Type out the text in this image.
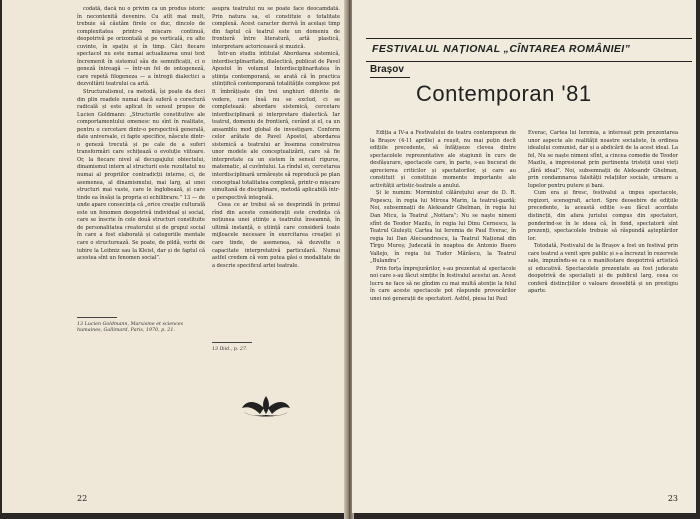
codată, dacă nu o privim ca un produs istoric în necontenită devenire. Cu atît mai mult, trebuie să căutăm firele ce duc, dincolo de complexitatea printr-o mișcare continuă, deopotrivă pe orizontală și pe verticală, cu alte cuvinte, în spațiu și în timp. Căci fiecare spectacol nu este numai actualizarea unui text încremenit în sistemul său de semnificații, ci o geneză întreagă — într-un fel de ontogeneză, care repetă filogeneza — a întregii dialectici a dezvoltării teatrului ca artă.

Structuralismul, ca metodă, își poate da deci din plin roadele numai dacă suferă o corectură radicală și este aplicat în sensul propus de Lucien Goldmann: „Structurile constitutive ale comportamentului omenesc nu sînt în realitate, pentru o cercetare dintr-o perspectivă generală, date universale, ci fapte specifice, născute dintr-o geneză trecută și pe cale de a suferi transformări care schițează o evoluție viitoare. Or, la fiecare nivel al decupajului obiectului, dinamismul intern al structurii este rezultatul nu numai al propriilor contradicții interne, ci, de asemenea, al dinamismului, mai larg, al unei structuri mai vaste, care le înglobează, și care tinde ea însăși la propria ei echilibrare.” 13 — de unde apare consecința că „orice creație culturală este un fenomen deopotrivă individual și social, care se înscrie în cele două structuri constituite de personalitatea creatorului și de grupul social în care a fost elaborată și categoriile mentale care o structurează. Se poate, de pildă, vorbi de iubire la Leibniz sau la Kleist, dar și de faptul că acestea sînt un fenomen social”.

asupra teatrului nu se poate face deocamdată. Prin natura sa, el constituie o totalitate complexă. Acest caracter derivă în același timp din faptul că teatrul este un domeniu de frontieră între literatură, artă plastică, interpretare actoricească și muzică.

Într-un studiu intitulat Abordarea sistemică, interdisciplinaritate, dialectică, publicat de Pavel Apostol în volumul Interdisciplinaritatea în știința contemporană, se arată că în practica științifică contemporană totalitățile complexe pot fi îmbrățișate din trei unghiuri diferite de vedere, care însă nu se exclud, ci se completează: abordare sistemică, cercetare interdisciplinară și interpretare dialectică. Iar teatrul, domeniu de frontieră, cerând și el, ca un ansamblu mod global de investigare. Conform celor arătate de Pavel Apostol, abordarea sistemică a teatrului ar însemna construirea unor modele ale conceptualizării, care să fie interpretate ca un sistem în sensul riguros, matematic, al cuvîntului. La rîndul ei, cercetarea interdisciplinară urmărește să reproducă pe plan conceptual totalitatea complexă, printr-o mișcare simultană de disciplinare, metodă aplicabilă într-o perspectivă integrală.

Ceea ce ar trebui să se desprindă în primul rînd din aceste considerații este credința că noțiunea unei științe a teatrului înseamnă, în ultimă instanță, o știință care consideră toate mijloacele necesare în exercitarea creației și care tinde, de asemenea, să dezvolte o capacitate interpretativă particulară. Numai astfel credem că vom putea găsi o modalitate de a descrie specificul artei teatrale.

13 Lucien Goldmann, Marxisme et sciences humaines, Gallimard, Paris, 1970, p. 21.
13 Ibid., p. 27.
22
FESTIVALUL NAȚIONAL „CÎNTAREA ROMÂNIEI”
Brașov
Contemporan '81

Ediția a IV-a a Festivalului de teatru contemporan de la Brașov (4-11 aprilie) a reușit, nu mai puțin decît edițiile precedente, să înfățișeze clevea dintre spectacolele reprezentative ale stagiunii în curs de desfășurare, spectacole care, în parte, s-au bucurat de aprecierea criticilor și spectatorilor, și care au constituit și constituie momente importante ale activității artistic-teatrale a anului.

Și le numim: Mormintul călărețului avar de D. R. Popescu, în regia lui Mircea Marin, la teatrul-gazdă; Noi, subsemnații de Aleksandr Ghelman, în regia lui Dan Micu, la Teatrul „Nottara”; Nu se naște nimeni sfînt de Teodor Mazilu, în regia lui Dinu Cernescu, la Teatrul Giulești; Cartea lui Ieremia de Paul Everac, în regia lui Dan Alecsandrescu, la Teatrul Național din Tîrgu Mureș; Judecată în noaptea de Antonio Buero Vallejo, în regia lui Tudor Mărăscu, la Teatrul „Bulandra”.

Prin forța împrejurărilor, s-au prezentat al spectacole noi care s-au făcut simțite în festivalul acestui an. Acest lucru ne face să ne gîndim cu mai multă atenție la felul în care aceste spectacole pot răspunde provocărilor unei noi generații de spectatori. Astfel, piesa lui Paul

Everac, Cartea lui Ieremia, a interesat prin prezentarea unor aspecte ale realității noastre socialiste, în ordinea idealului comunist, dar și a abdicării de la acest ideal. La fel, Nu se naște nimeni sfînt, a cincea comedie de Teodor Mazilu, a impresionat prin pertinenta tristeții unei vieți „fără ideal”. Noi, subsemnații de Aleksandr Ghelman, prin condamnarea falsității relațiilor sociale, urmare a lupelor pentru putere și bani.

Cum era și firesc, festivalul a impus spectacole, regizori, scenografi, actori. Spre deosebire de edițiile precedente, la această ediție s-au făcut acordate distincții, din afara juriului compus din spectatori, ponderind-se în le ideea că, în fond, spectatorii sînt prezenți, spectacolele trebuie să răspundă așteptărilor lor.

Totodată, Festivalul de la Brașov a fost un festival prin care teatrul a venit spre public și s-a încrezut în rezervele sale, impunîndu-se ca o manifestare deopotrivă artistică și educativă. Spectacolele prezentate au fost judecate deopotrivă de specialiști și de publicul larg, ceea ce conferă distincțiilor o valoare deosebită și un prestigiu aparte.

23
